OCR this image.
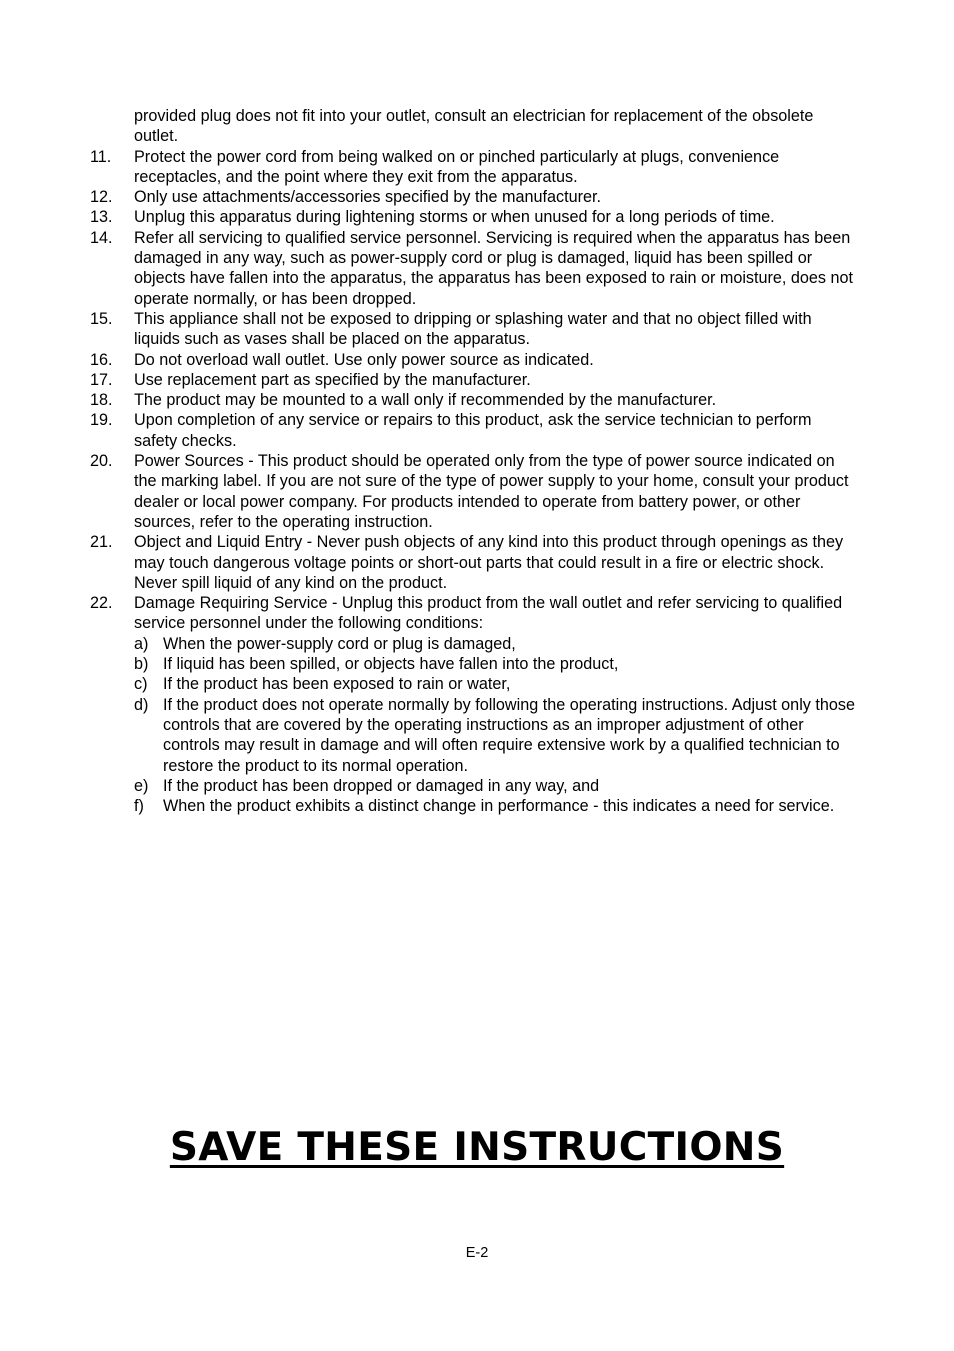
provided plug does not fit into your outlet, consult an electrician for replacement of the obsolete outlet.
11.	Protect the power cord from being walked on or pinched particularly at plugs, convenience receptacles, and the point where they exit from the apparatus.
12.	Only use attachments/accessories specified by the manufacturer.
13.	Unplug this apparatus during lightening storms or when unused for a long periods of time.
14.	Refer all servicing to qualified service personnel. Servicing is required when the apparatus has been damaged in any way, such as power-supply cord or plug is damaged, liquid has been spilled or objects have fallen into the apparatus, the apparatus has been exposed to rain or moisture, does not operate normally, or has been dropped.
15.	This appliance shall not be exposed to dripping or splashing water and that no object filled with liquids such as vases shall be placed on the apparatus.
16.	Do not overload wall outlet. Use only power source as indicated.
17.	Use replacement part as specified by the manufacturer.
18.	The product may be mounted to a wall only if recommended by the manufacturer.
19.	Upon completion of any service or repairs to this product, ask the service technician to perform safety checks.
20.	Power Sources - This product should be operated only from the type of power source indicated on the marking label. If you are not sure of the type of power supply to your home, consult your product dealer or local power company. For products intended to operate from battery power, or other sources, refer to the operating instruction.
21.	Object and Liquid Entry - Never push objects of any kind into this product through openings as they may touch dangerous voltage points or short-out parts that could result in a fire or electric shock. Never spill liquid of any kind on the product.
22.	Damage Requiring Service - Unplug this product from the wall outlet and refer servicing to qualified service personnel under the following conditions:
a) When the power-supply cord or plug is damaged,
b) If liquid has been spilled, or objects have fallen into the product,
c) If the product has been exposed to rain or water,
d) If the product does not operate normally by following the operating instructions. Adjust only those controls that are covered by the operating instructions as an improper adjustment of other controls may result in damage and will often require extensive work by a qualified technician to restore the product to its normal operation.
e) If the product has been dropped or damaged in any way, and
f)	When the product exhibits a distinct change in performance - this indicates a need for service.
SAVE THESE INSTRUCTIONS
E-2
